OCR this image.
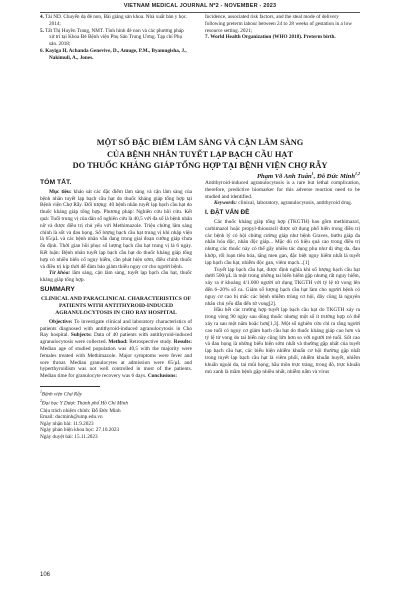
VIETNAM MEDICAL JOURNAL Nº2 - NOVEMBER - 2023
4. Tài ND. Chuyển dạ đẻ non, Bài giảng sản khoa. Nhà xuất bản y học. 2014;
5. Tất Thị Huyền Trang, NMT. Tình hình đẻ non và các phương pháp xử trí tại Khoa Đẻ Bệnh viện Phụ Sản Trung Ương. Tạp chí Phụ sản. 2018;
6. Kayiga H, Achanda Genevive, D., Amuge, P.M., Byamugisha, J., Nakimuli, A., Jones.
Incidence, associated risk factors, and the steal mode of delivery following preterm labour between 24 to 28 weeks of gestation in a low resource setting. 2021;
7. World Health Organization (WHO 2018). Preterm birth.
MỘT SỐ ĐẶC ĐIỂM LÂM SÀNG VÀ CẬN LÂM SÀNG
CỦA BỆNH NHÂN TUYẾT LẠP BẠCH CẦU HẠT
DO THUỐC KHÁNG GIÁP TỔNG HỢP TẠI BỆNH VIỆN CHỢ RẪY
Phạm Võ Anh Tuấn$^1$, Đỗ Đức Minh$^{1,2}$
TÓM TẮT.

Mục tiêu: khảo sát các đặc điểm lâm sàng và cận lâm sàng của bệnh nhân tuyết lạp bạch cầu hạt do thuốc kháng giáp tổng hợp tại Bệnh viện Chợ Rẫy. Đối tượng: 40 bệnh nhân tuyết lạp bạch cầu hạt do thuốc kháng giáp tổng hợp. Phương pháp: Nghiên cứu hồi cứu. Kết quả: Tuổi trung vị của dân số nghiên cứu là 40,5 với đa số là bệnh nhân nữ và được điều trị chủ yếu với Methimazole. Triệu chứng lâm sàng chính là sốt và đau họng. Số lượng bạch cầu hạt trung vị khi nhập viện là 65/µL và các bệnh nhân vẫn đang trong giai đoạn cường giáp chưa ổn định. Thời gian hồi phục số lượng bạch cầu hạt trung vị là 6 ngày. Kết luận: Bệnh nhân tuyết lạp bạch cầu hạt do thuốc kháng giáp tổng hợp có nhiều biến cố nguy hiểm, cần phát hiện sớm, điều chỉnh thuốc và điều trị kịp thời để đảm bảo giảm thiểu nguy cơ cho người bệnh.

Từ khóa: lâm sàng, cận lâm sàng, tuyết lạp bạch cầu hạt, thuốc kháng giáp tổng hợp.

SUMMARY
CLINICAL AND PARACLINICAL CHARACTERISTICS OF PATIENTS WITH ANTITHYROID-INDUCED AGRANULOCYTOSIS IN CHO RAY HOSPITAL

Objective: To investigate clinical and laboratory characteristics of patients diagnosed with antithyroid-induced agranulocytosis in Cho Ray hospital. Subjects: Data of 40 patients with antithyroid-induced agranulocytosis were collected. Method: Retrospective study. Results: Median age of studied population was 40,5 with the majority were females treated with Methimazole. Major symptoms were fever and sore throat. Median granulocytes at admission were 65/µL and hyperthyroidism was not well controlled in most of the patients. Median time for granulocyte recovery was 6 days. Conclusions:

$^1$Bệnh viện Chợ Rẫy
$^2$Đại học Y Dược Thành phố Hồ Chí Minh
Chịu trách nhiệm chính: Đỗ Đức Minh
Email: ducminh@ump.edu.vn
Ngày nhận bài: 11.9.2023
Ngày phản biện khoa học: 27.10.2023
Ngày duyệt bài: 15.11.2023

Antithyroid-induced agranulocytosis is a rare but lethal complication, therefore, predictive biomarker for this adverse reaction need to be studied and identified.

Keywords: clinical, laboratory, agranulocytosis, antithyroid drug.

I. ĐẶT VẤN ĐỀ

Các thuốc kháng giáp tổng hợp (TKGTH) bao gồm methimazol, carbimazol hoặc propyl-thiouracil được sử dụng phổ biến trong điều trị các bệnh lý có hội chứng cường giáp như bệnh Graves, bướu giáp đa nhân hóa độc, nhân độc giáp... Mặc dù có hiệu quả cao trong điều trị nhưng các thuốc này có thể gây nhiều tác dụng phụ như dị ứng da, đau khớp, rối loạn tiêu hóa, tăng men gan, đặc biệt nguy hiểm nhất là tuyết lạp bạch cầu hạt, nhiễm độc gan, viêm mạch...[1]

Tuyết lạp bạch cầu hạt, được định nghĩa khi số lượng bạch cầu hạt dưới 500/µL là một trong những tai biến hiếm gặp nhưng rất nguy hiểm, xảy ra ở khoảng 4/1.000 người sử dụng TKGTH với tỷ lệ tử vong lên đến 6–20% số ca. Giảm số lượng bạch cầu hạt làm cho người bệnh có nguy cơ cao bị mắc các bệnh nhiễm trùng cơ hội, đây cũng là nguyên nhân chủ yếu dẫn đến tử vong[2].

Hầu hết các trường hợp tuyết lạp bạch cầu hạt do TKGTH xảy ra trong vòng 90 ngày sau dùng thuốc nhưng một số ít trường hợp có thể xảy ra sau một năm hoặc hơn[1,3]. Một số nghiên cứu chỉ ra rằng người cao tuổi có nguy cơ giảm bạch cầu hạt do thuốc kháng giáp cao hơn và tỷ lệ tử vong do tai biến này cũng lớn hơn so với người trẻ tuổi. Sốt cao và đau họng là những biểu hiện sớm nhất và thường gặp nhất của tuyết lạp bạch cầu hạt, các biểu hiện nhiễm khuẩn cơ hội thường gặp nhất trong tuyết lạp bạch cầu hạt là viêm phổi, nhiễm khuẩn huyết, nhiễm khuẩn ngoài da, tai mũi họng, hầu môn trực tràng, trong đó, trực khuẩn mủ xanh là mầm bệnh gặp nhiều nhất, nhiễm nấm và virus

106
